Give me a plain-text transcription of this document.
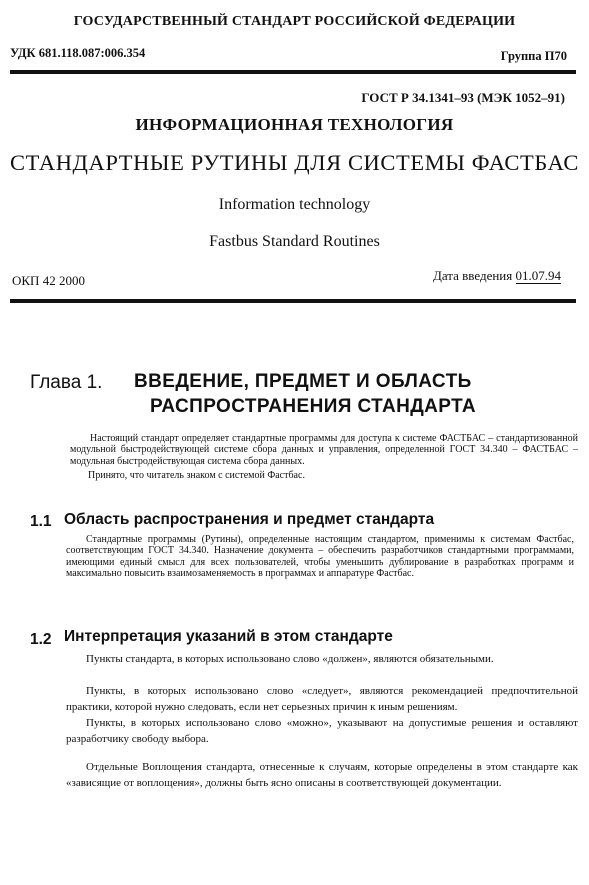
ГОСУДАРСТВЕННЫЙ СТАНДАРТ РОССИЙСКОЙ ФЕДЕРАЦИИ
УДК 681.118.087:006.354	Группа П70
ГОСТ Р 34.1341–93 (МЭК 1052–91)
ИНФОРМАЦИОННАЯ ТЕХНОЛОГИЯ
СТАНДАРТНЫЕ РУТИНЫ ДЛЯ СИСТЕМЫ ФАСТБАС
Information technology
Fastbus Standard Routines
ОКП 42 2000	Дата введения 01.07.94
Глава 1. ВВЕДЕНИЕ, ПРЕДМЕТ И ОБЛАСТЬ
РАСПРОСТРАНЕНИЯ СТАНДАРТА
Настоящий стандарт определяет стандартные программы для доступа к системе ФАСТБАС – стандартизованной модульной быстродействующей системе сбора данных и управления, определенной ГОСТ 34.340 – ФАСТБАС – модульная быстродействующая система сбора данных.
Принято, что читатель знаком с системой Фастбас.
1.1 Область распространения и предмет стандарта
Стандартные программы (Рутины), определенные настоящим стандартом, применимы к системам Фастбас, соответствующим ГОСТ 34.340. Назначение документа – обеспечить разработчиков стандартными программами, имеющими единый смысл для всех пользователей, чтобы уменьшить дублирование в разработках программ и максимально повысить взаимозаменяемость в программах и аппаратуре Фастбас.
1.2 Интерпретация указаний в этом стандарте
Пункты стандарта, в которых использовано слово «должен», являются обязательными.
Пункты, в которых использовано слово «следует», являются рекомендацией предпочтительной практики, которой нужно следовать, если нет серьезных причин к иным решениям.
Пункты, в которых использовано слово «можно», указывают на допустимые решения и оставляют разработчику свободу выбора.
Отдельные Воплощения стандарта, отнесенные к случаям, которые определены в этом стандарте как «зависящие от воплощения», должны быть ясно описаны в соответствующей документации.
